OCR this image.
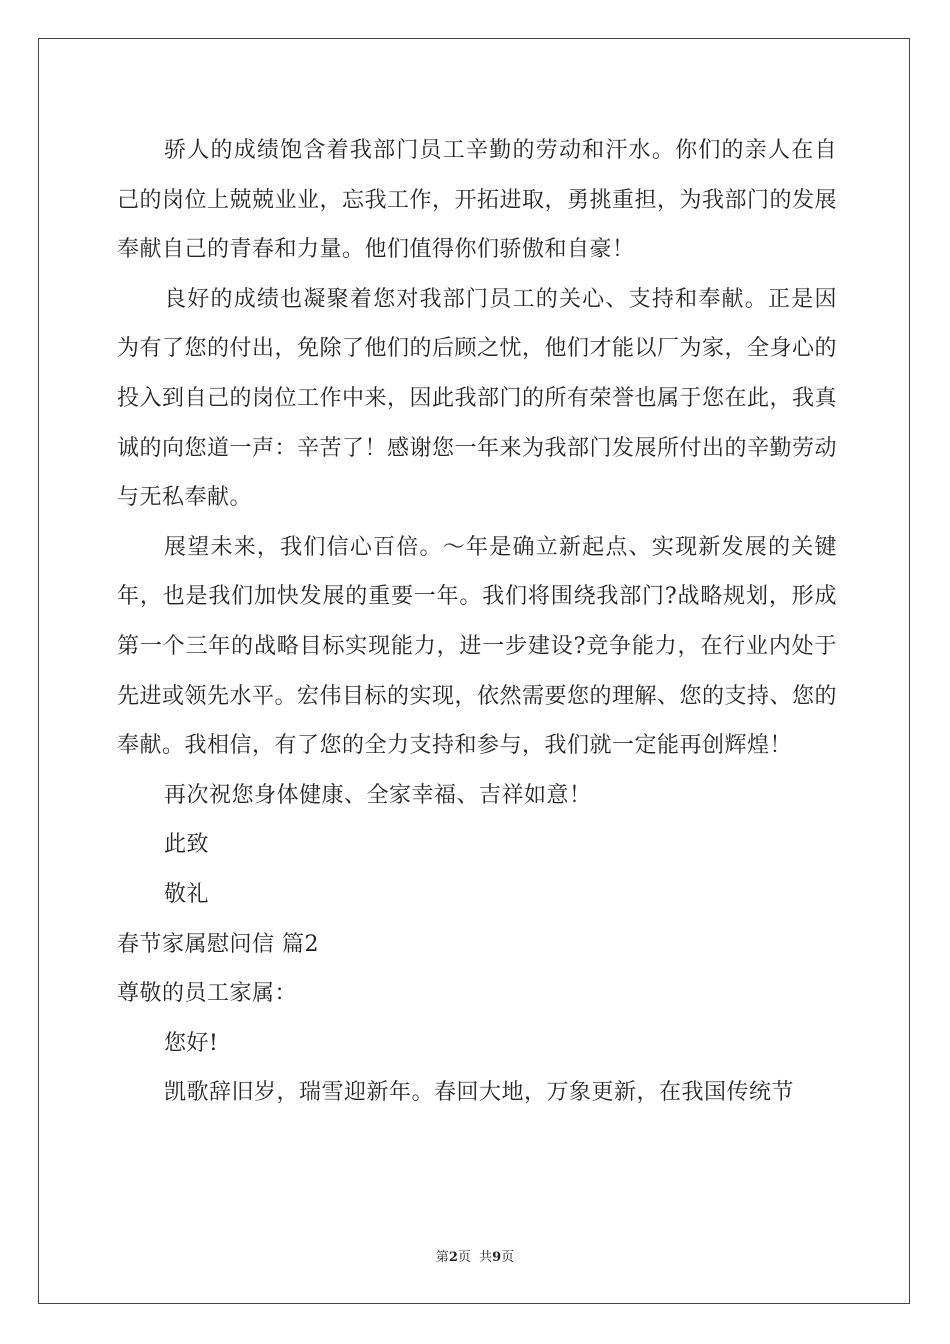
骄人的成绩饱含着我部门员工辛勤的劳动和汗水。你们的亲人在自己的岗位上兢兢业业，忘我工作，开拓进取，勇挑重担，为我部门的发展奉献自己的青春和力量。他们值得你们骄傲和自豪！

良好的成绩也凝聚着您对我部门员工的关心、支持和奉献。正是因为有了您的付出，免除了他们的后顾之忧，他们才能以厂为家，全身心的投入到自己的岗位工作中来，因此我部门的所有荣誉也属于您在此，我真诚的向您道一声：辛苦了！感谢您一年来为我部门发展所付出的辛勤劳动与无私奉献。

展望未来，我们信心百倍。～年是确立新起点、实现新发展的关键年，也是我们加快发展的重要一年。我们将围绕我部门?战略规划，形成第一个三年的战略目标实现能力，进一步建设?竞争能力，在行业内处于先进或领先水平。宏伟目标的实现，依然需要您的理解、您的支持、您的奉献。我相信，有了您的全力支持和参与，我们就一定能再创辉煌！

再次祝您身体健康、全家幸福、吉祥如意！

此致

敬礼

春节家属慰问信 篇2

尊敬的员工家属：

您好!

凯歌辞旧岁，瑞雪迎新年。春回大地，万象更新，在我国传统节

第2页  共9页
